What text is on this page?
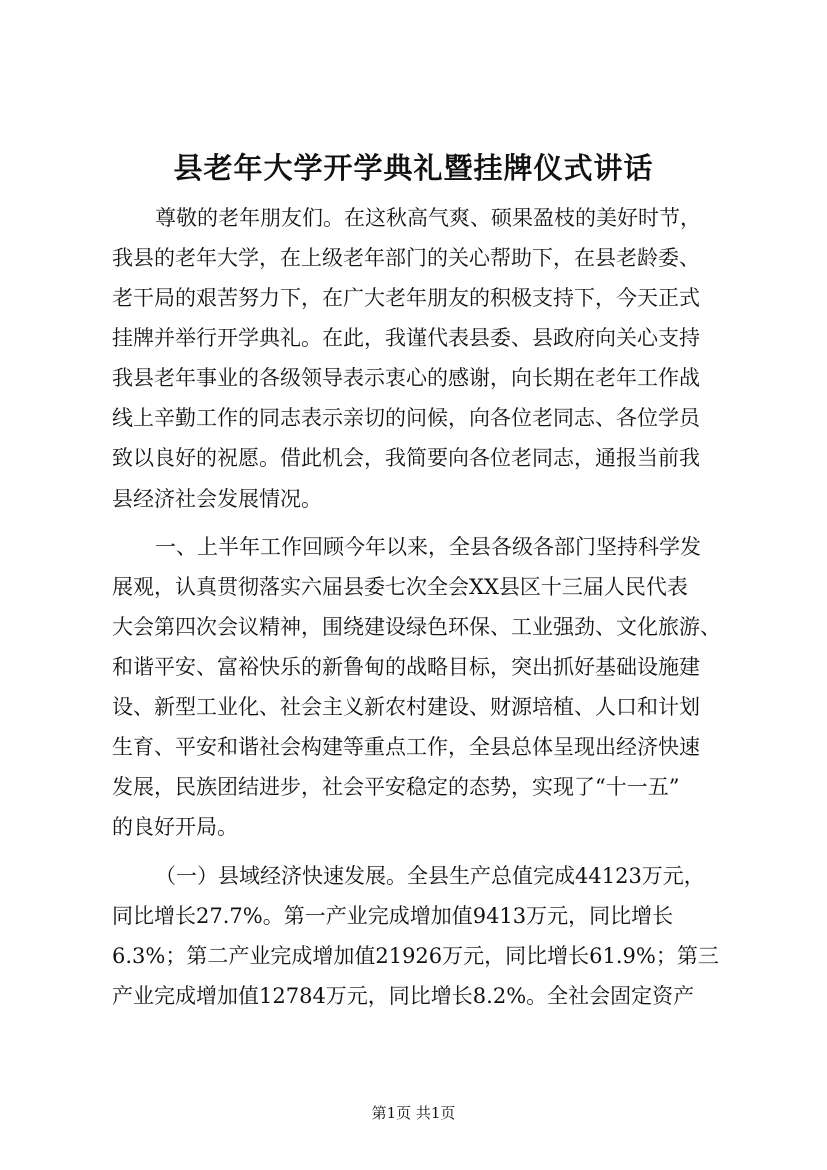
县老年大学开学典礼暨挂牌仪式讲话
尊敬的老年朋友们。在这秋高气爽、硕果盈枝的美好时节，
我县的老年大学，在上级老年部门的关心帮助下，在县老龄委、
老干局的艰苦努力下，在广大老年朋友的积极支持下，今天正式
挂牌并举行开学典礼。在此，我谨代表县委、县政府向关心支持
我县老年事业的各级领导表示衷心的感谢，向长期在老年工作战
线上辛勤工作的同志表示亲切的问候，向各位老同志、各位学员
致以良好的祝愿。借此机会，我简要向各位老同志，通报当前我
县经济社会发展情况。
一、上半年工作回顾今年以来，全县各级各部门坚持科学发
展观，认真贯彻落实六届县委七次全会XX县区十三届人民代表
大会第四次会议精神，围绕建设绿色环保、工业强劲、文化旅游、
和谐平安、富裕快乐的新鲁甸的战略目标，突出抓好基础设施建
设、新型工业化、社会主义新农村建设、财源培植、人口和计划
生育、平安和谐社会构建等重点工作，全县总体呈现出经济快速
发展，民族团结进步，社会平安稳定的态势，实现了“十一五”
的良好开局。
（一）县域经济快速发展。全县生产总值完成44123万元，
同比增长27.7%。第一产业完成增加值9413万元，同比增长
6.3%；第二产业完成增加值21926万元，同比增长61.9%；第三
产业完成增加值12784万元，同比增长8.2%。全社会固定资产
第1页 共1页
